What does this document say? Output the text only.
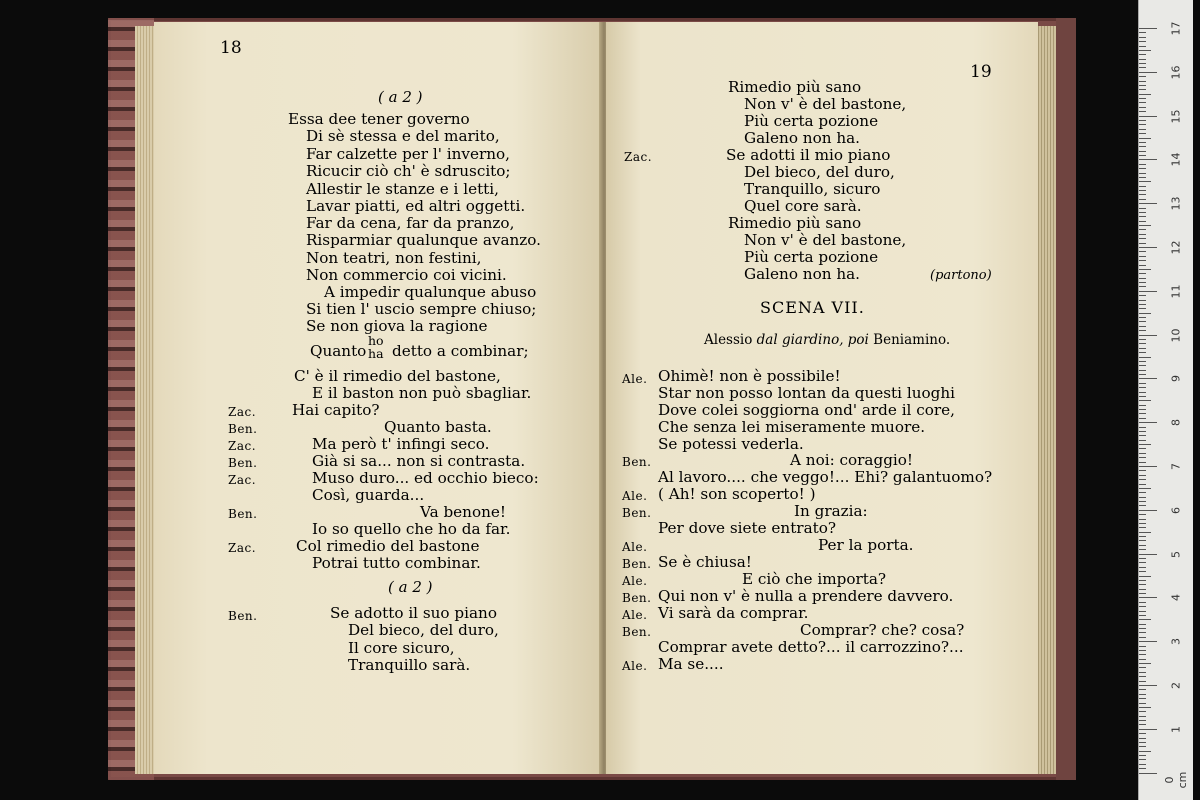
18
( a 2 )
Essa dee tener governo
Di sè stessa e del marito,
Far calzette per l' inverno,
Ricucir ciò ch' è sdruscito;
Allestir le stanze e i letti,
Lavar piatti, ed altri oggetti.
Far da cena, far da pranzo,
Risparmiar qualunque avanzo.
Non teatri, non festini,
Non commercio coi vicini.
A impedir qualunque abuso
Si tien l' uscio sempre chiuso;
Se non giova la ragione
Quanto
ho
ha detto a combinar;
C' è il rimedio del bastone,
E il baston non può sbagliar.
Zac. Hai capito?
Ben.	Quanto basta.
Zac.	Ma però t' infingi seco.
Ben.	Già si sa... non si contrasta.
Zac.	Muso duro... ed occhio bieco:
Così, guarda...
Ben.	Va benone!
Io so quello che ho da far.
Zac.	Col rimedio del bastone
Potrai tutto combinar.
( a 2 )
Ben.	Se adotto il suo piano
Del bieco, del duro,
Il core sicuro,
Tranquillo sarà.
19
Rimedio più sano
Non v' è del bastone,
Più certa pozione
Galeno non ha.
Zac.	Se adotti il mio piano
Del bieco, del duro,
Tranquillo, sicuro
Quel core sarà.
Rimedio più sano
Non v' è del bastone,
Più certa pozione
Galeno non ha.	(partono)
SCENA VII.
Alessio dal giardino, poi Beniamino.
Ale. Ohimè! non è possibile!
Star non posso lontan da questi luoghi
Dove colei soggiorna ond' arde il core,
Che senza lei miseramente muore.
Se potessi vederla.
Ben.	A noi: coraggio!
Al lavoro.... che veggo!... Ehi? galantuomo?
Ale. ( Ah! son scoperto! )
Ben.	In grazia:
Per dove siete entrato?
Ale.	Per la porta.
Ben. Se è chiusa!
Ale.	E ciò che importa?
Ben. Qui non v' è nulla a prendere davvero.
Ale. Vi sarà da comprar.
Ben.	Comprar? che? cosa?
Comprar avete detto?... il carrozzino?...
Ale. Ma se....
17
16
15
14
13
12
11
10
9
8
7
6
5
4
3
2
1
0 cm
